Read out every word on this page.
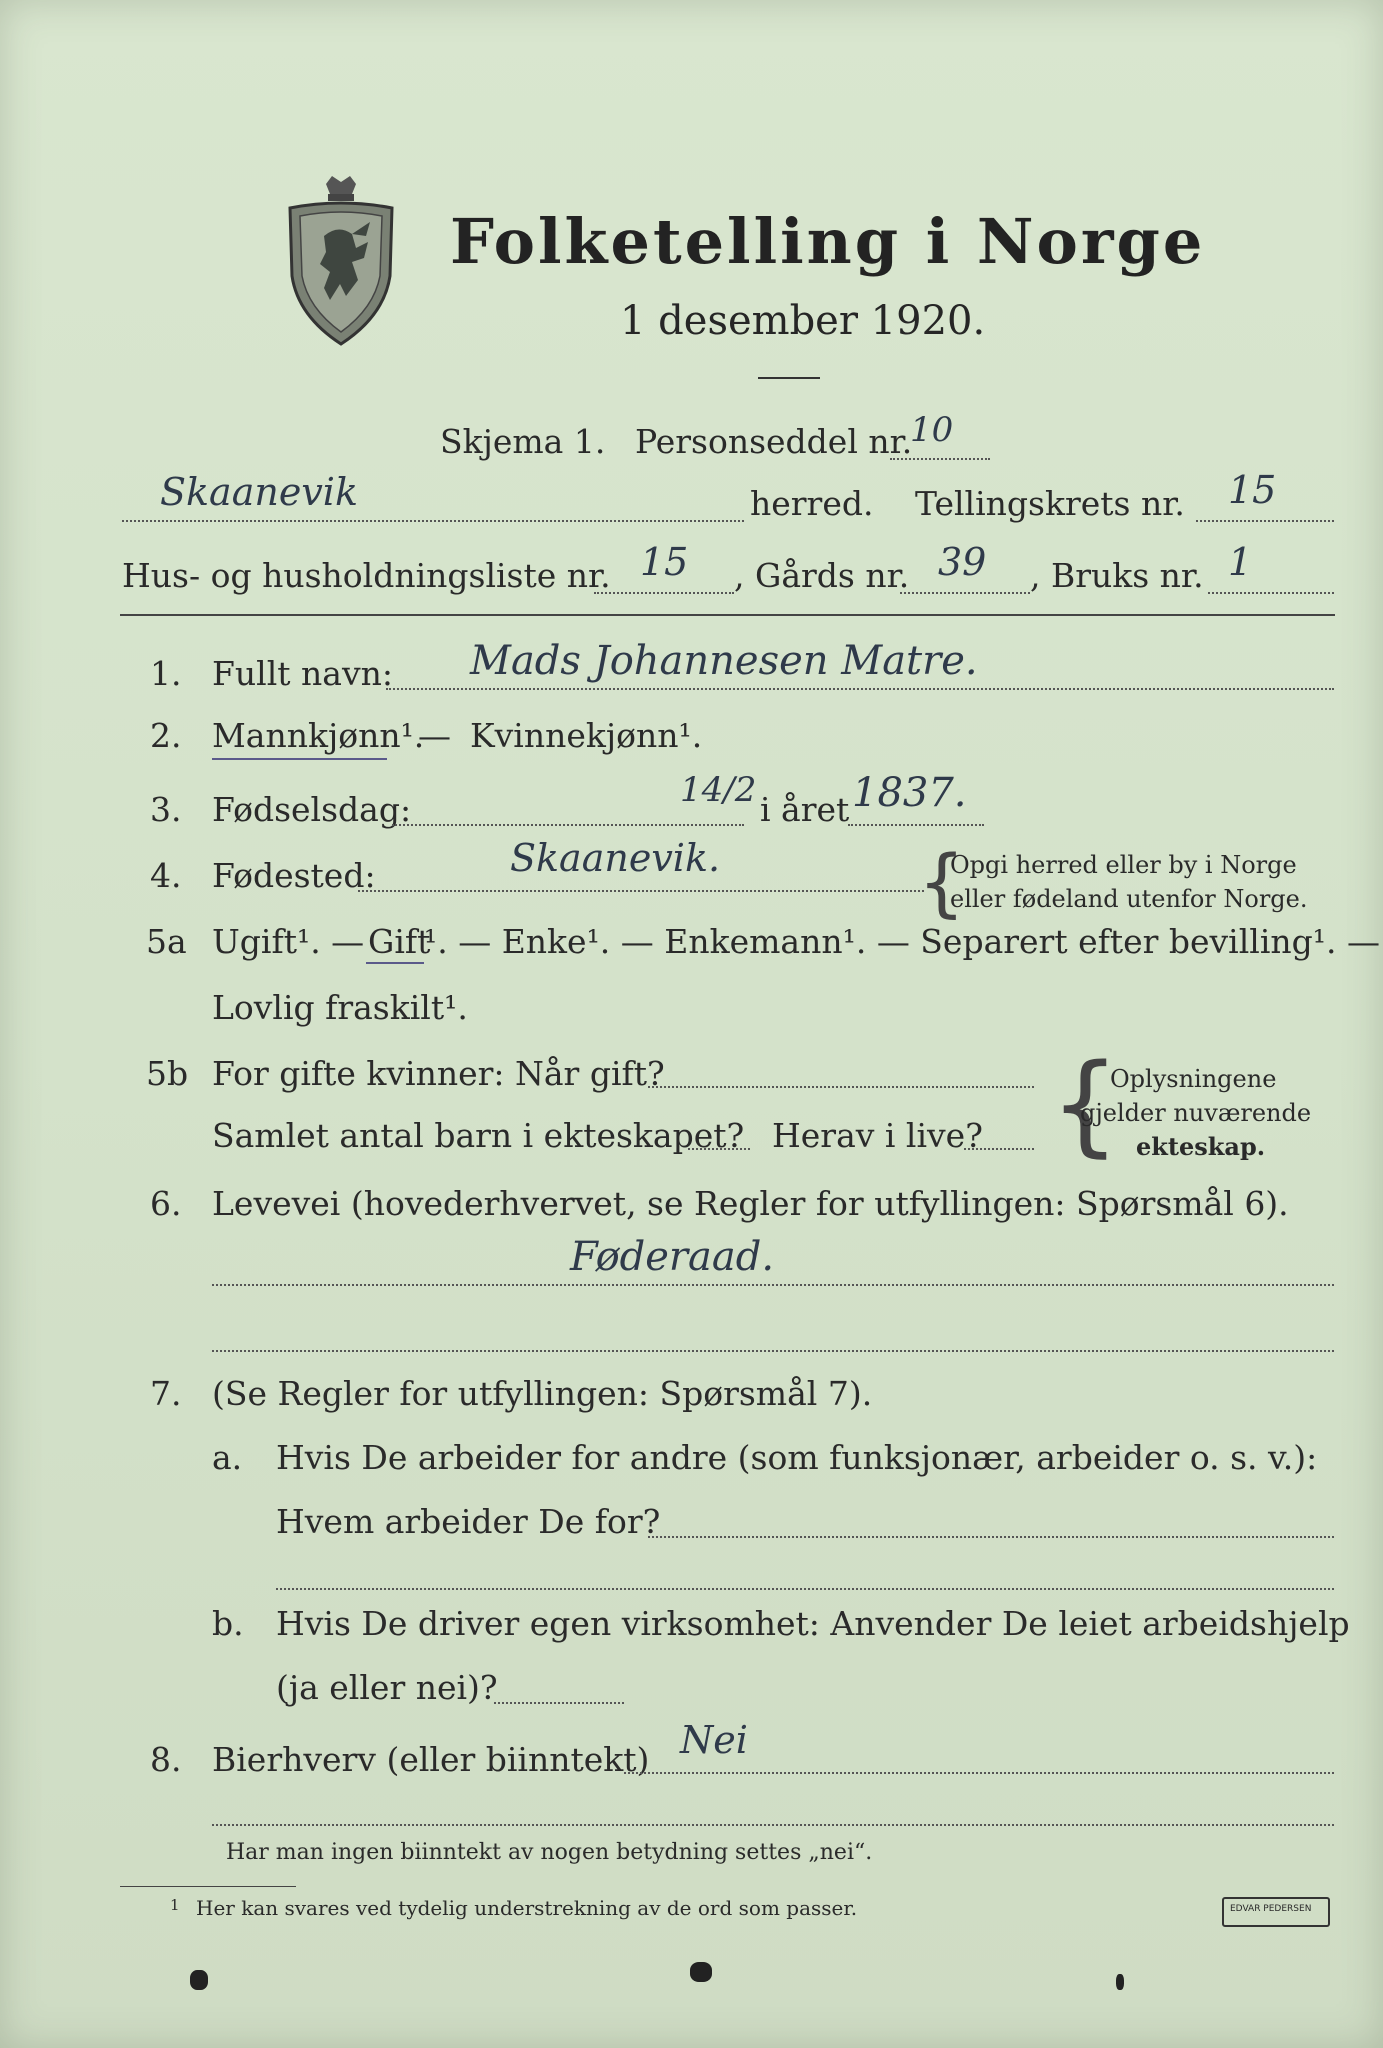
Folketelling i Norge
1 desember 1920.
Skjema 1. Personseddel nr.
10
Skaanevik	herred. Tellingskrets nr. 15
Hus- og husholdningsliste nr. 15 , Gårds nr. 39 , Bruks nr. 1
1. Fullt navn: Mads Johannesen Matre.
2. Mannkjønn¹.
— Kvinnekjønn¹.
3. Fødselsdag:	14/2 i året 1837.
4. Fødested:	Skaanevik.	{
Opgi herred eller by i Norge
eller fødeland utenfor Norge.
5a Ugift¹. — Gift
¹. — Enke¹. — Enkemann¹. — Separert efter bevilling¹. —
Lovlig fraskilt¹.
5b For gifte kvinner: Når gift?
Samlet antal barn i ekteskapet? Herav i live? {
Oplysningene
gjelder nuværende
ekteskap.
6. Levevei (hovederhvervet, se Regler for utfyllingen: Spørsmål 6).
Føderaad.
7. (Se Regler for utfyllingen: Spørsmål 7).
a. Hvis De arbeider for andre (som funksjonær, arbeider o. s. v.):
Hvem arbeider De for?
b. Hvis De driver egen virksomhet: Anvender De leiet arbeidshjelp
(ja eller nei)?
8. Bierhverv (eller biinntekt) Nei
Har man ingen biinntekt av nogen betydning settes „nei“.
1 Her kan svares ved tydelig understrekning av de ord som passer.	EDVAR PEDERSEN
